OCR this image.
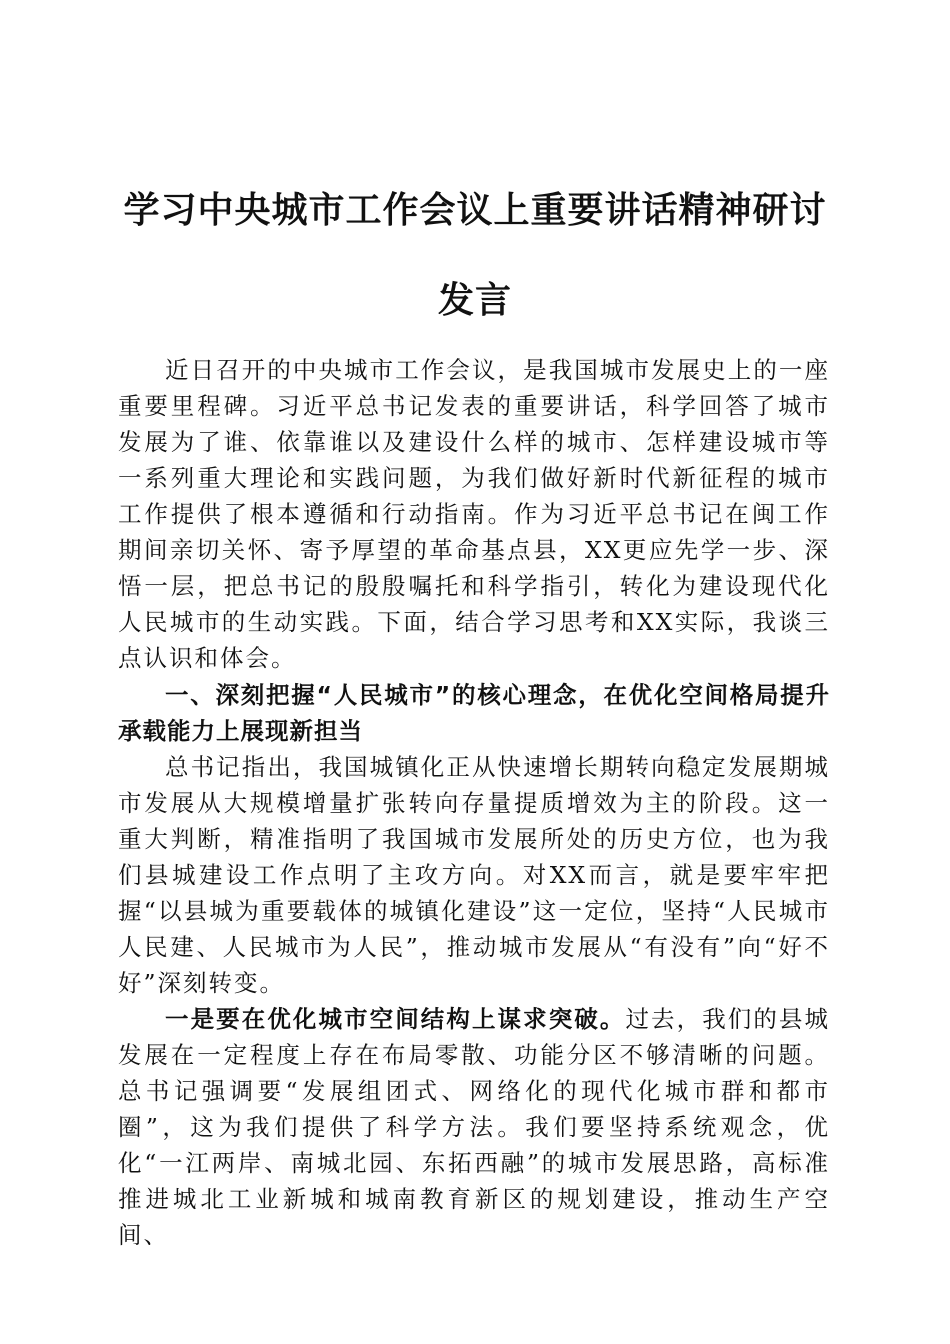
学习中央城市工作会议上重要讲话精神研讨发言

近日召开的中央城市工作会议，是我国城市发展史上的一座重要里程碑。习近平总书记发表的重要讲话，科学回答了城市发展为了谁、依靠谁以及建设什么样的城市、怎样建设城市等一系列重大理论和实践问题，为我们做好新时代新征程的城市工作提供了根本遵循和行动指南。作为习近平总书记在闽工作期间亲切关怀、寄予厚望的革命基点县，XX更应先学一步、深悟一层，把总书记的殷殷嘱托和科学指引，转化为建设现代化人民城市的生动实践。下面，结合学习思考和XX实际，我谈三点认识和体会。

一、深刻把握“人民城市”的核心理念，在优化空间格局提升承载能力上展现新担当

总书记指出，我国城镇化正从快速增长期转向稳定发展期城市发展从大规模增量扩张转向存量提质增效为主的阶段。这一重大判断，精准指明了我国城市发展所处的历史方位，也为我们县城建设工作点明了主攻方向。对XX而言，就是要牢牢把握“以县城为重要载体的城镇化建设”这一定位，坚持“人民城市人民建、人民城市为人民”，推动城市发展从“有没有”向“好不好”深刻转变。

一是要在优化城市空间结构上谋求突破。过去，我们的县城发展在一定程度上存在布局零散、功能分区不够清晰的问题。总书记强调要“发展组团式、网络化的现代化城市群和都市圈”，这为我们提供了科学方法。我们要坚持系统观念，优化“一江两岸、南城北园、东拓西融”的城市发展思路，高标准推进城北工业新城和城南教育新区的规划建设，推动生产空间、
